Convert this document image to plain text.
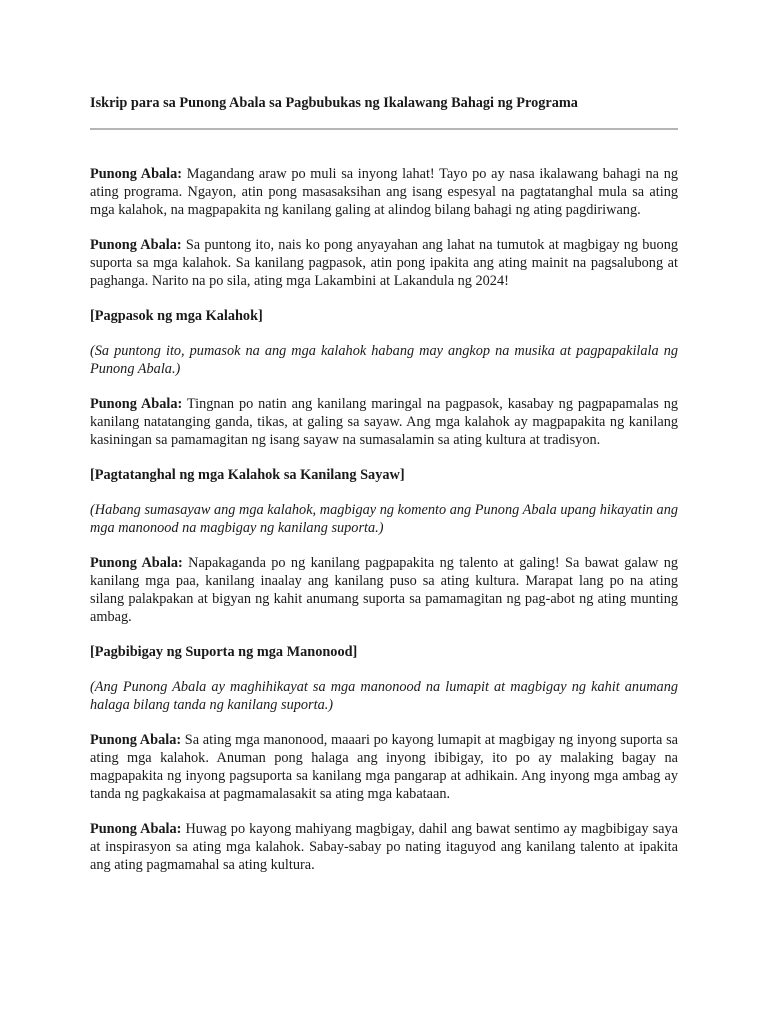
Iskrip para sa Punong Abala sa Pagbubukas ng Ikalawang Bahagi ng Programa

Punong Abala: Magandang araw po muli sa inyong lahat! Tayo po ay nasa ikalawang bahagi na ng ating programa. Ngayon, atin pong masasaksihan ang isang espesyal na pagtatanghal mula sa ating mga kalahok, na magpapakita ng kanilang galing at alindog bilang bahagi ng ating pagdiriwang.

Punong Abala: Sa puntong ito, nais ko pong anyayahan ang lahat na tumutok at magbigay ng buong suporta sa mga kalahok. Sa kanilang pagpasok, atin pong ipakita ang ating mainit na pagsalubong at paghanga. Narito na po sila, ating mga Lakambini at Lakandula ng 2024!

[Pagpasok ng mga Kalahok]

(Sa puntong ito, pumasok na ang mga kalahok habang may angkop na musika at pagpapakilala ng Punong Abala.)

Punong Abala: Tingnan po natin ang kanilang maringal na pagpasok, kasabay ng pagpapamalas ng kanilang natatanging ganda, tikas, at galing sa sayaw. Ang mga kalahok ay magpapakita ng kanilang kasiningan sa pamamagitan ng isang sayaw na sumasalamin sa ating kultura at tradisyon.

[Pagtatanghal ng mga Kalahok sa Kanilang Sayaw]

(Habang sumasayaw ang mga kalahok, magbigay ng komento ang Punong Abala upang hikayatin ang mga manonood na magbigay ng kanilang suporta.)

Punong Abala: Napakaganda po ng kanilang pagpapakita ng talento at galing! Sa bawat galaw ng kanilang mga paa, kanilang inaalay ang kanilang puso sa ating kultura. Marapat lang po na ating silang palakpakan at bigyan ng kahit anumang suporta sa pamamagitan ng pag-abot ng ating munting ambag.

[Pagbibigay ng Suporta ng mga Manonood]

(Ang Punong Abala ay maghihikayat sa mga manonood na lumapit at magbigay ng kahit anumang halaga bilang tanda ng kanilang suporta.)

Punong Abala: Sa ating mga manonood, maaari po kayong lumapit at magbigay ng inyong suporta sa ating mga kalahok. Anuman pong halaga ang inyong ibibigay, ito po ay malaking bagay na magpapakita ng inyong pagsuporta sa kanilang mga pangarap at adhikain. Ang inyong mga ambag ay tanda ng pagkakaisa at pagmamalasakit sa ating mga kabataan.

Punong Abala: Huwag po kayong mahiyang magbigay, dahil ang bawat sentimo ay magbibigay saya at inspirasyon sa ating mga kalahok. Sabay-sabay po nating itaguyod ang kanilang talento at ipakita ang ating pagmamahal sa ating kultura.
